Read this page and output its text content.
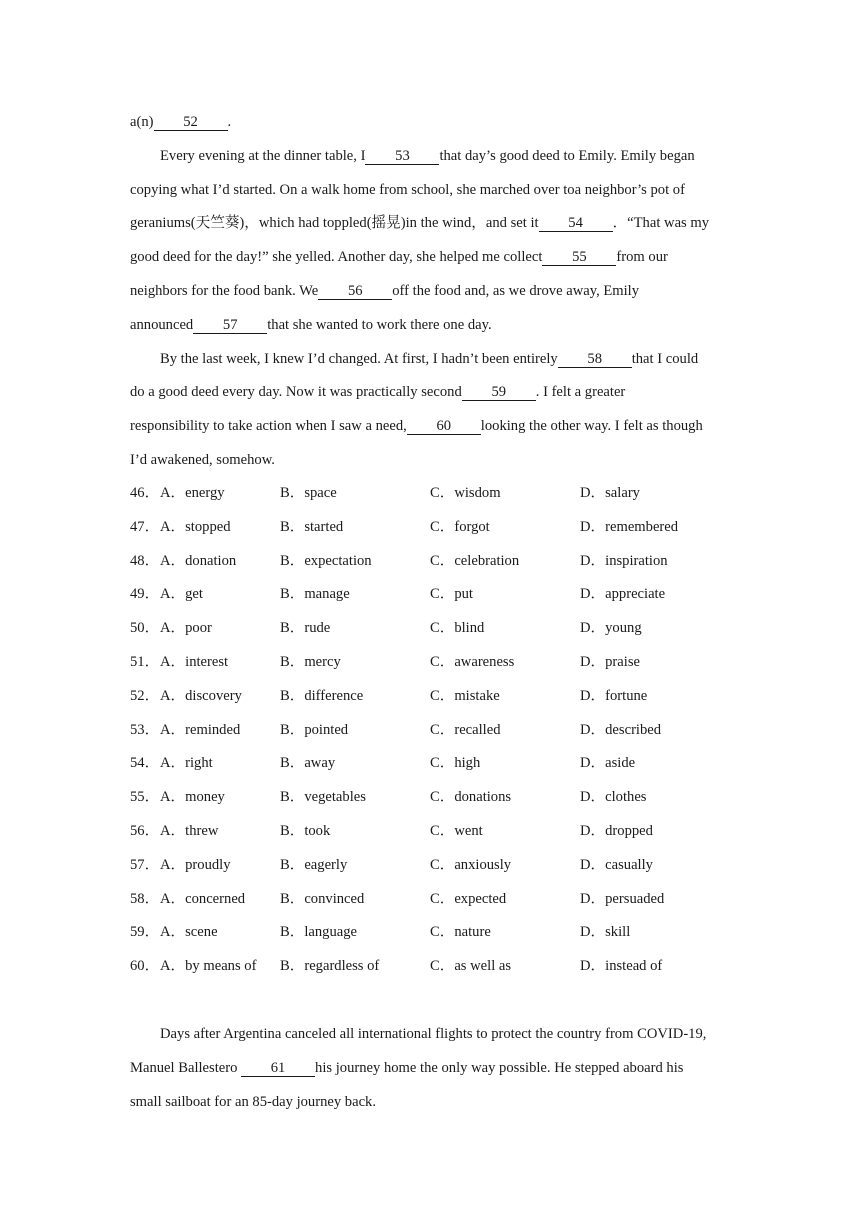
a(n) 52 .
Every evening at the dinner table, I 53 that day’s good deed to Emily. Emily began
copying what I’d started. On a walk home from school, she marched over toa neighbor’s pot of
geraniums(天竺葵)，which had toppled(摇晃)in the wind，and set it 54 ．“That was my
good deed for the day!” she yelled. Another day, she helped me collect 55 from our
neighbors for the food bank. We 56 off the food and, as we drove away, Emily
announced 57 that she wanted to work there one day.
By the last week, I knew I’d changed. At first, I hadn’t been entirely 58 that I could
do a good deed every day. Now it was practically second 59 . I felt a greater
responsibility to take action when I saw a need, 60 looking the other way. I felt as though
I’d awakened, somehow.
46． A．energy	B．space	C．wisdom	D．salary
47． A．stopped	B．started	C．forgot	D．remembered
48． A．donation	B．expectation	C．celebration	D．inspiration
49． A．get	B．manage	C．put	D．appreciate
50． A．poor	B．rude	C．blind	D．young
51． A．interest	B．mercy	C．awareness	D．praise
52． A．discovery	B．difference	C．mistake	D．fortune
53． A．reminded	B．pointed	C．recalled	D．described
54． A．right	B．away	C．high	D．aside
55． A．money	B．vegetables	C．donations	D．clothes
56． A．threw	B．took	C．went	D．dropped
57． A．proudly	B．eagerly	C．anxiously	D．casually
58． A．concerned B．convinced	C．expected	D．persuaded
59． A．scene	B．language	C．nature	D．skill
60． A．by means of B．regardless of	C．as well as	D．instead of
Days after Argentina canceled all international flights to protect the country from COVID-19,
Manuel Ballestero 61 his journey home the only way possible. He stepped aboard his
small sailboat for an 85-day journey back.
